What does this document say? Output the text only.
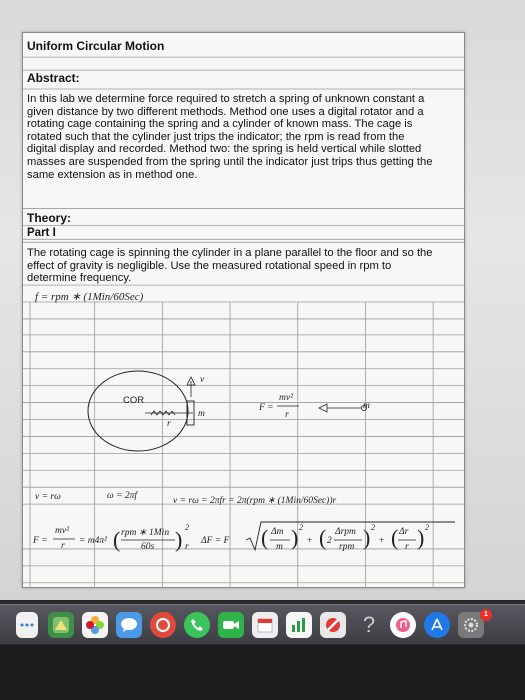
Uniform Circular Motion
Abstract:
In this lab we determine force required to stretch a spring of unknown constant a
given distance by two different methods. Method one uses a digital rotator and a
rotating cage containing the spring and a cylinder of known mass. The cage is
rotated such that the cylinder just trips the indicator; the rpm is read from the
digital display and recorded. Method two: the spring is held vertical while slotted
masses are suspended from the spring until the indicator just trips thus getting the
same extension as in method one.
Theory:
Part I
The rotating cage is spinning the cylinder in a plane parallel to the floor and so the
effect of gravity is negligible. Use the measured rotational speed in rpm to
determine frequency.
f = rpm ∗ (1Min/60Sec)
COR
m
r
v
F =
mv²
r
m
v = rω	ω = 2πf	v = rω = 2πfr = 2π(rpm ∗ (1Min/60Sec))r
F =
mv²
r = m4π² ( rpm ∗ 1Min
60s ) 2
r
ΔF = F ( Δm
m ) 2
+ ( 2
Δrpm
rpm ) 2
+ ( Δr
r ) 2
?	1
